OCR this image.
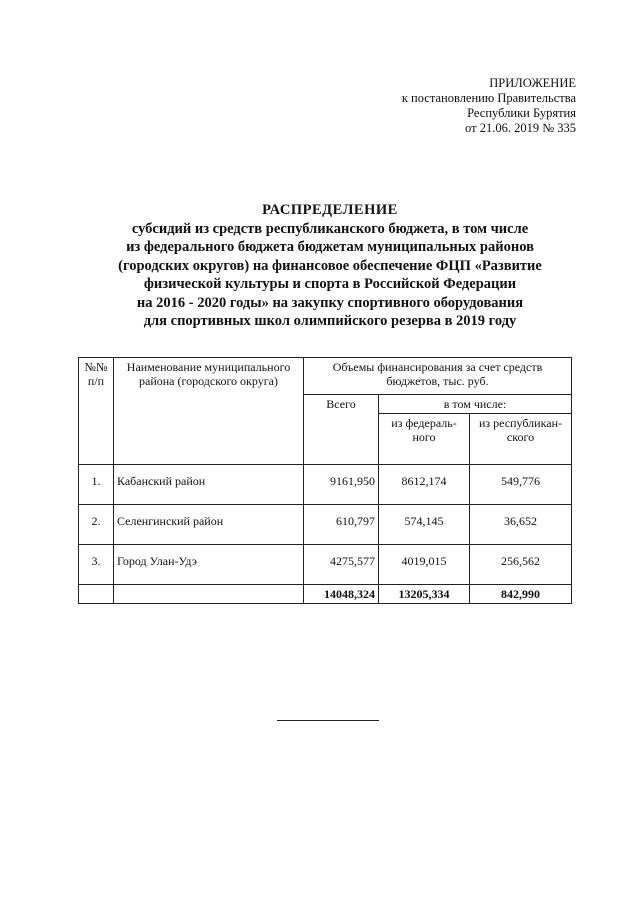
ПРИЛОЖЕНИЕ
к постановлению Правительства
Республики Бурятия
от 21.06. 2019 № 335
РАСПРЕДЕЛЕНИЕ
субсидий из средств республиканского бюджета, в том числе
из федерального бюджета бюджетам муниципальных районов
(городских округов) на финансовое обеспечение ФЦП «Развитие
физической культуры и спорта в Российской Федерации
на 2016 - 2020 годы» на закупку спортивного оборудования
для спортивных школ олимпийского резерва в 2019 году
№№ п/п	Наименование муниципального района (городского округа)	Объемы финансирования за счет средств бюджетов, тыс. руб.		
		Всего	в том числе:	
			из федераль-ного	из республикан-ского
1.	Кабанский район	9161,950	8612,174	549,776
2.	Селенгинский район	610,797	574,145	36,652
3.	Город Улан-Удэ	4275,577	4019,015	256,562
		14048,324	13205,334	842,990
